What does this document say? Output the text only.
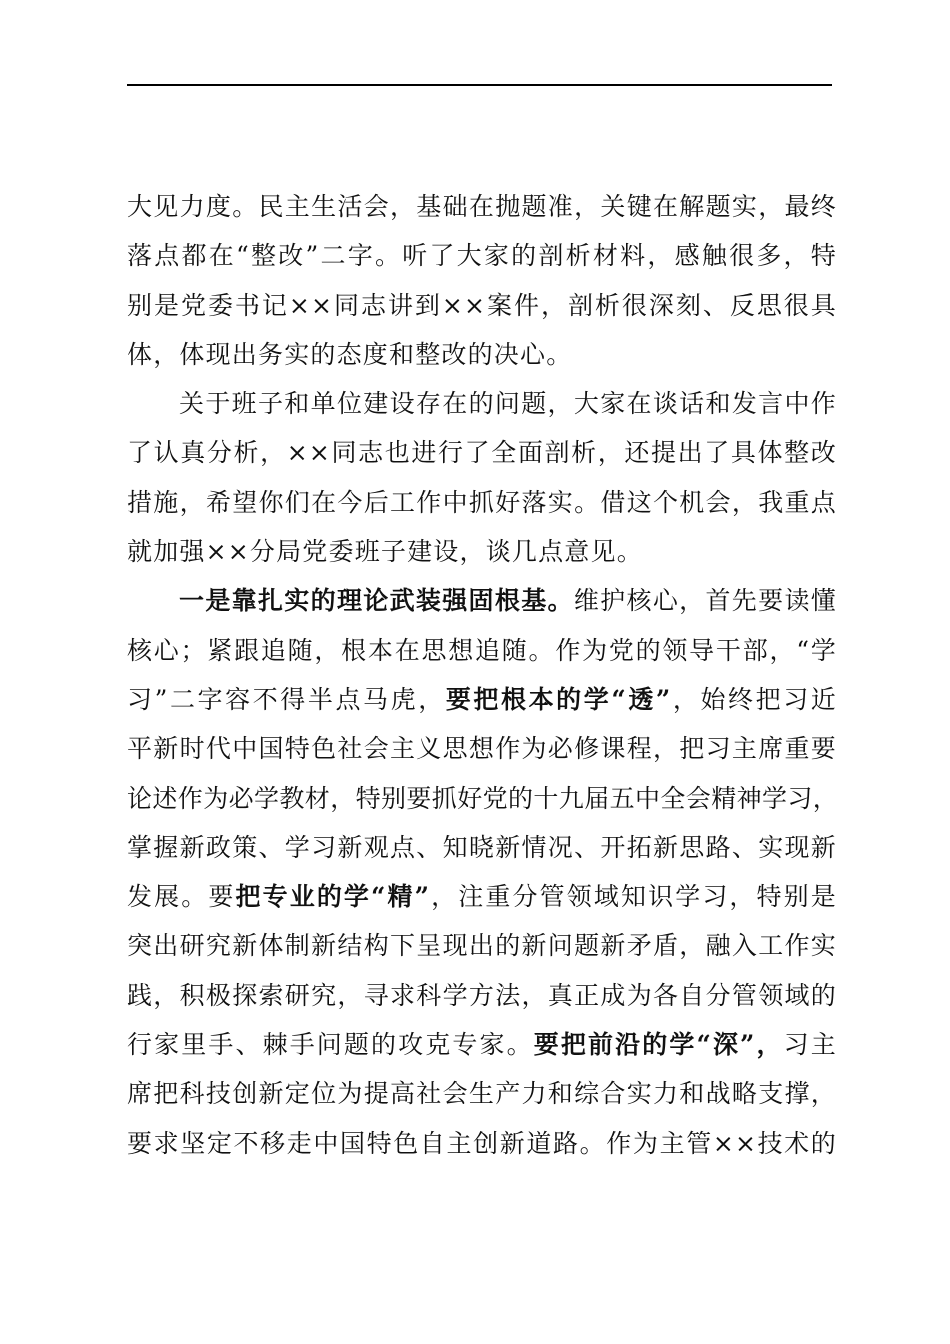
大见力度。民主生活会，基础在抛题准，关键在解题实，最终
落点都在“整改”二字。听了大家的剖析材料，感触很多，特
别是党委书记××同志讲到××案件，剖析很深刻、反思很具
体，体现出务实的态度和整改的决心。
关于班子和单位建设存在的问题，大家在谈话和发言中作
了认真分析，××同志也进行了全面剖析，还提出了具体整改
措施，希望你们在今后工作中抓好落实。借这个机会，我重点
就加强××分局党委班子建设，谈几点意见。
一是靠扎实的理论武装强固根基。维护核心，首先要读懂
核心；紧跟追随，根本在思想追随。作为党的领导干部，“学
习”二字容不得半点马虎，要把根本的学“透”，始终把习近
平新时代中国特色社会主义思想作为必修课程，把习主席重要
论述作为必学教材，特别要抓好党的十九届五中全会精神学习，
掌握新政策、学习新观点、知晓新情况、开拓新思路、实现新
发展。要把专业的学“精”，注重分管领域知识学习，特别是
突出研究新体制新结构下呈现出的新问题新矛盾，融入工作实
践，积极探索研究，寻求科学方法，真正成为各自分管领域的
行家里手、棘手问题的攻克专家。要把前沿的学“深”，习主
席把科技创新定位为提高社会生产力和综合实力和战略支撑，
要求坚定不移走中国特色自主创新道路。作为主管××技术的
